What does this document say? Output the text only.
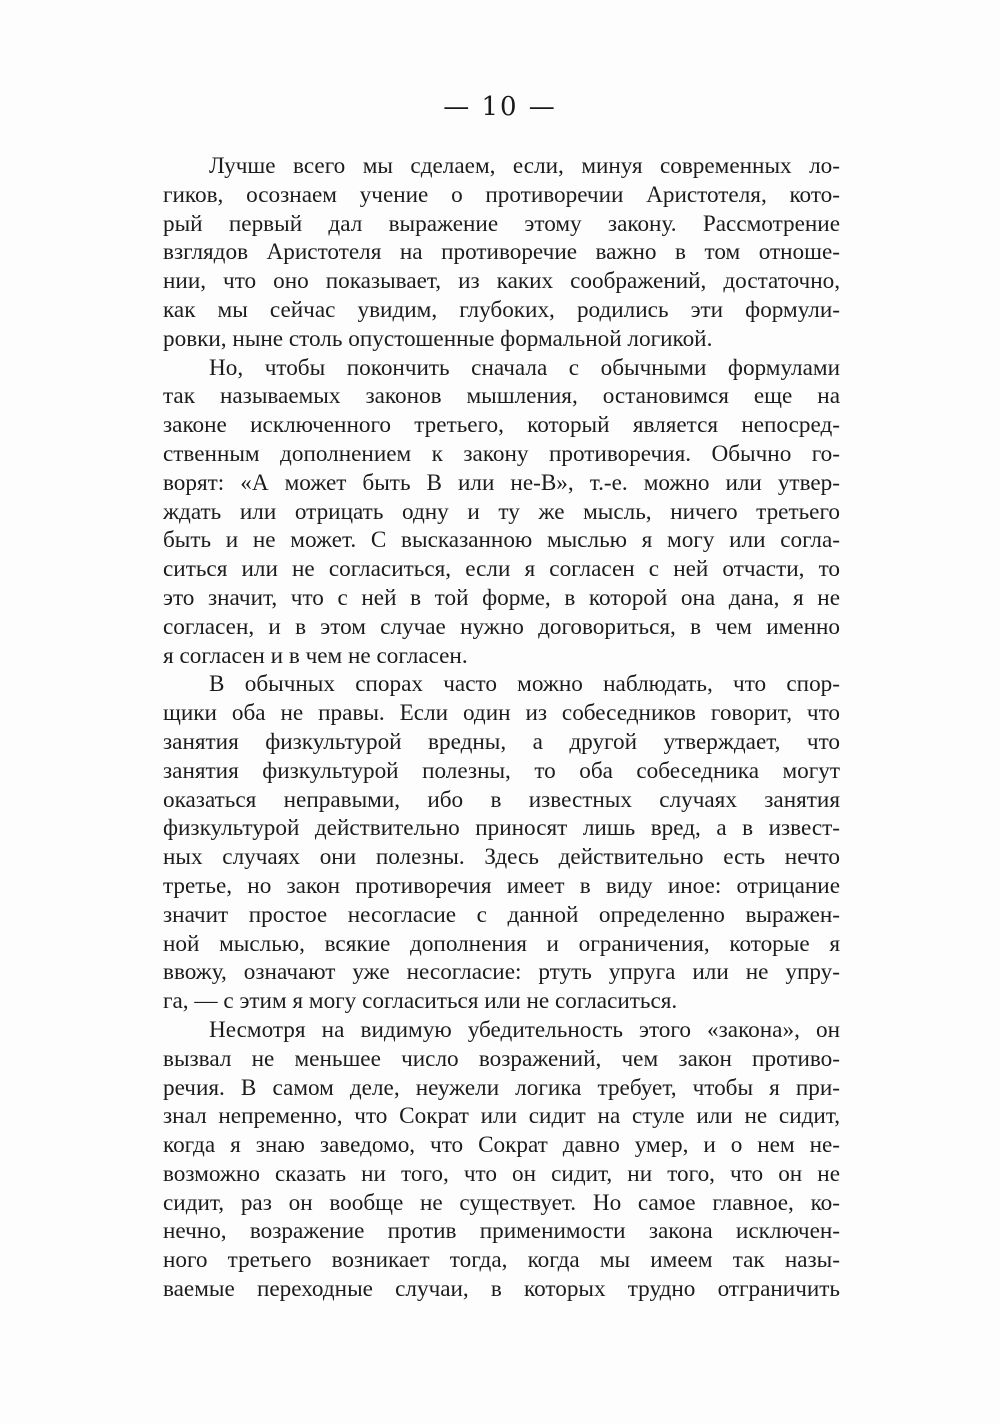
— 10 —
Лучше всего мы сделаем, если, минуя современных ло-
гиков, осознаем учение о противоречии Аристотеля, кото-
рый первый дал выражение этому закону. Рассмотрение
взглядов Аристотеля на противоречие важно в том отноше-
нии, что оно показывает, из каких соображений, достаточно,
как мы сейчас увидим, глубоких, родились эти формули-
ровки, ныне столь опустошенные формальной логикой.
Но, чтобы покончить сначала с обычными формулами
так называемых законов мышления, остановимся еще на
законе исключенного третьего, который является непосред-
ственным дополнением к закону противоречия. Обычно го-
ворят: «А может быть В или не-В», т.-е. можно или утвер-
ждать или отрицать одну и ту же мысль, ничего третьего
быть и не может. С высказанною мыслью я могу или согла-
ситься или не согласиться, если я согласен с ней отчасти, то
это значит, что с ней в той форме, в которой она дана, я не
согласен, и в этом случае нужно договориться, в чем именно
я согласен и в чем не согласен.
В обычных спорах часто можно наблюдать, что спор-
щики оба не правы. Если один из собеседников говорит, что
занятия физкультурой вредны, а другой утверждает, что
занятия физкультурой полезны, то оба собеседника могут
оказаться неправыми, ибо в известных случаях занятия
физкультурой действительно приносят лишь вред, а в извест-
ных случаях они полезны. Здесь действительно есть нечто
третье, но закон противоречия имеет в виду иное: отрицание
значит простое несогласие с данной определенно выражен-
ной мыслью, всякие дополнения и ограничения, которые я
ввожу, означают уже несогласие: ртуть упруга или не упру-
га, — с этим я могу согласиться или не согласиться.
Несмотря на видимую убедительность этого «закона», он
вызвал не меньшее число возражений, чем закон противо-
речия. В самом деле, неужели логика требует, чтобы я при-
знал непременно, что Сократ или сидит на стуле или не сидит,
когда я знаю заведомо, что Сократ давно умер, и о нем не-
возможно сказать ни того, что он сидит, ни того, что он не
сидит, раз он вообще не существует. Но самое главное, ко-
нечно, возражение против применимости закона исключен-
ного третьего возникает тогда, когда мы имеем так назы-
ваемые переходные случаи, в которых трудно отграничить
